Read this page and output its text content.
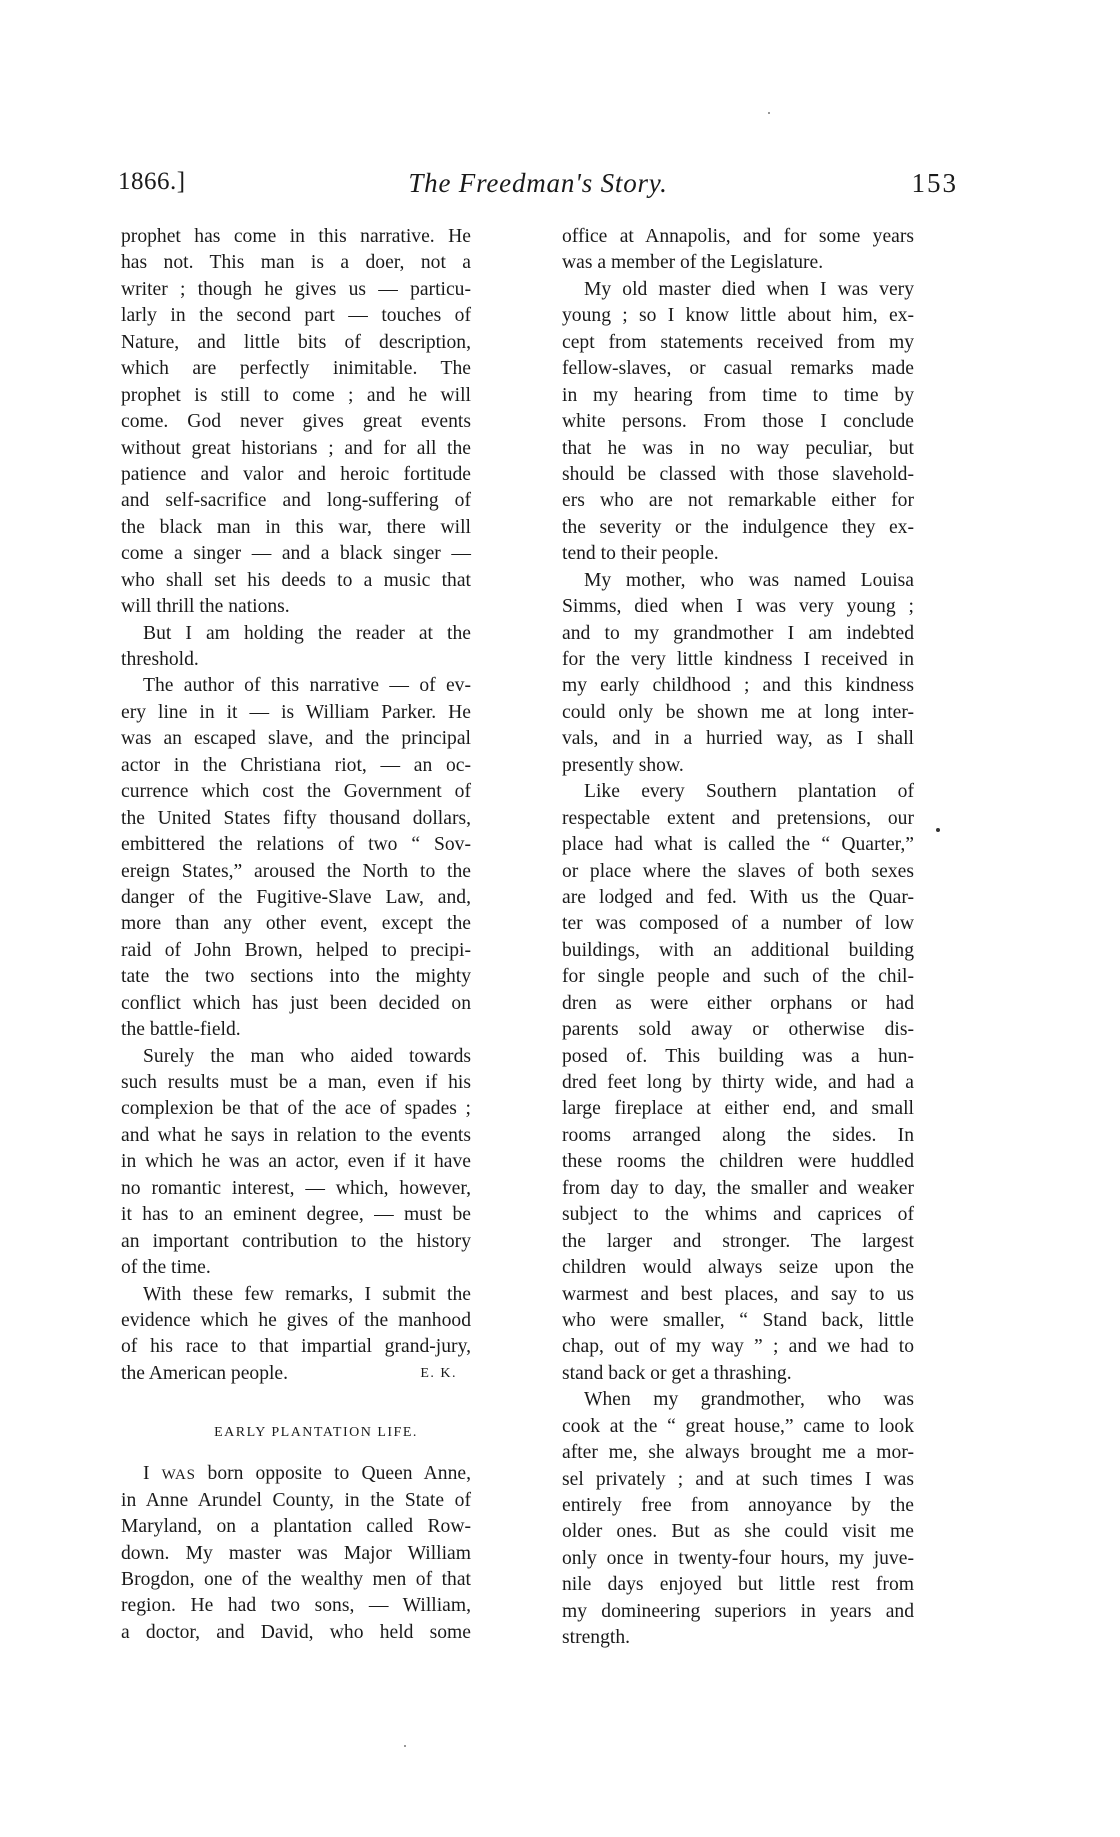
1866.]	The Freedman's Story.	153
prophet has come in this narrative. He
has not. This man is a doer, not a
writer ; though he gives us — particu-
larly in the second part — touches of
Nature, and little bits of description,
which are perfectly inimitable. The
prophet is still to come ; and he will
come. God never gives great events
without great historians ; and for all the
patience and valor and heroic fortitude
and self-sacrifice and long-suffering of
the black man in this war, there will
come a singer — and a black singer —
who shall set his deeds to a music that
will thrill the nations.
But I am holding the reader at the
threshold.
The author of this narrative — of ev-
ery line in it — is William Parker. He
was an escaped slave, and the principal
actor in the Christiana riot, — an oc-
currence which cost the Government of
the United States fifty thousand dollars,
embittered the relations of two “ Sov-
ereign States,” aroused the North to the
danger of the Fugitive-Slave Law, and,
more than any other event, except the
raid of John Brown, helped to precipi-
tate the two sections into the mighty
conflict which has just been decided on
the battle-field.
Surely the man who aided towards
such results must be a man, even if his
complexion be that of the ace of spades ;
and what he says in relation to the events
in which he was an actor, even if it have
no romantic interest, — which, however,
it has to an eminent degree, — must be
an important contribution to the history
of the time.
With these few remarks, I submit the
evidence which he gives of the manhood
of his race to that impartial grand-jury,
the American people.	E. K.
EARLY PLANTATION LIFE.
I WAS born opposite to Queen Anne,
in Anne Arundel County, in the State of
Maryland, on a plantation called Row-
down. My master was Major William
Brogdon, one of the wealthy men of that
region. He had two sons, — William,
a doctor, and David, who held some
office at Annapolis, and for some years
was a member of the Legislature.
My old master died when I was very
young ; so I know little about him, ex-
cept from statements received from my
fellow-slaves, or casual remarks made
in my hearing from time to time by
white persons. From those I conclude
that he was in no way peculiar, but
should be classed with those slavehold-
ers who are not remarkable either for
the severity or the indulgence they ex-
tend to their people.
My mother, who was named Louisa
Simms, died when I was very young ;
and to my grandmother I am indebted
for the very little kindness I received in
my early childhood ; and this kindness
could only be shown me at long inter-
vals, and in a hurried way, as I shall
presently show.
Like every Southern plantation of
respectable extent and pretensions, our
place had what is called the “ Quarter,”
or place where the slaves of both sexes
are lodged and fed. With us the Quar-
ter was composed of a number of low
buildings, with an additional building
for single people and such of the chil-
dren as were either orphans or had
parents sold away or otherwise dis-
posed of. This building was a hun-
dred feet long by thirty wide, and had a
large fireplace at either end, and small
rooms arranged along the sides. In
these rooms the children were huddled
from day to day, the smaller and weaker
subject to the whims and caprices of
the larger and stronger. The largest
children would always seize upon the
warmest and best places, and say to us
who were smaller, “ Stand back, little
chap, out of my way ” ; and we had to
stand back or get a thrashing.
When my grandmother, who was
cook at the “ great house,” came to look
after me, she always brought me a mor-
sel privately ; and at such times I was
entirely free from annoyance by the
older ones. But as she could visit me
only once in twenty-four hours, my juve-
nile days enjoyed but little rest from
my domineering superiors in years and
strength.
